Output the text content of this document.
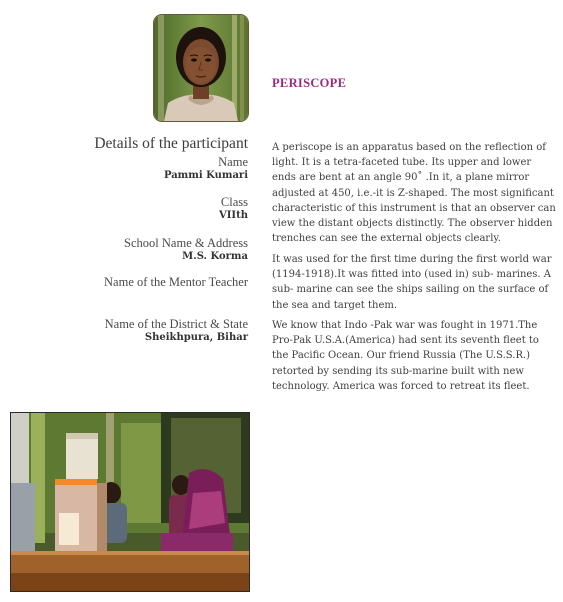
PERISCOPE
Details of the participant
Name
Pammi Kumari
Class
VIIth
School Name & Address
M.S. Korma
Name of the Mentor Teacher
Name of the District & State
Sheikhpura, Bihar

A periscope is an apparatus based on the reflection of light. It is a tetra-faceted tube. Its upper and lower ends are bent at an angle 90˚ .In it, a plane mirror adjusted at 450, i.e.-it is Z-shaped. The most significant characteristic of this instrument is that an observer can view the distant objects distinctly. The observer hidden trenches can see the external objects clearly.

It was used for the first time during the first world war (1194-1918).It was fitted into (used in) sub- marines. A sub- marine can see the ships sailing on the surface of the sea and target them.

We know that Indo -Pak war was fought in 1971.The Pro-Pak U.S.A.(America) had sent its seventh fleet to the Pacific Ocean. Our friend Russia (The U.S.S.R.) retorted by sending its sub-marine built with new technology. America was forced to retreat its fleet.
